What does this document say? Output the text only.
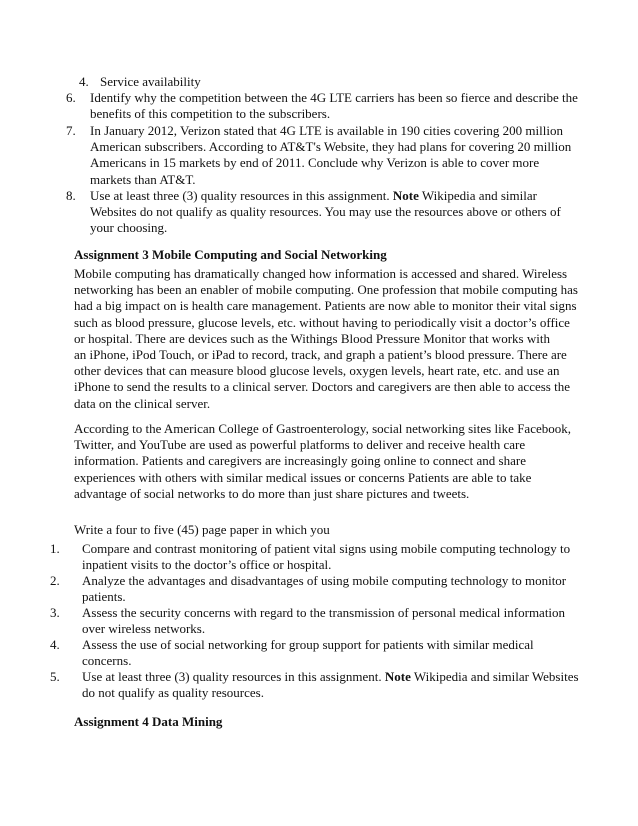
4. Service availability
6. Identify why the competition between the 4G LTE carriers has been so fierce and describe the
benefits of this competition to the subscribers.
7. In January 2012, Verizon stated that 4G LTE is available in 190 cities covering 200 million
American subscribers. According to AT&T's Website, they had plans for covering 20 million
Americans in 15 markets by end of 2011. Conclude why Verizon is able to cover more
markets than AT&T.
8. Use at least three (3) quality resources in this assignment. Note Wikipedia and similar
Websites do not qualify as quality resources. You may use the resources above or others of
your choosing.
Assignment 3 Mobile Computing and Social Networking
Mobile computing has dramatically changed how information is accessed and shared. Wireless
networking has been an enabler of mobile computing. One profession that mobile computing has
had a big impact on is health care management. Patients are now able to monitor their vital signs
such as blood pressure, glucose levels, etc. without having to periodically visit a doctor’s office
or hospital. There are devices such as the Withings Blood Pressure Monitor that works with
an iPhone, iPod Touch, or iPad to record, track, and graph a patient’s blood pressure. There are
other devices that can measure blood glucose levels, oxygen levels, heart rate, etc. and use an
iPhone to send the results to a clinical server. Doctors and caregivers are then able to access the
data on the clinical server.
According to the American College of Gastroenterology, social networking sites like Facebook,
Twitter, and YouTube are used as powerful platforms to deliver and receive health care
information. Patients and caregivers are increasingly going online to connect and share
experiences with others with similar medical issues or concerns Patients are able to take
advantage of social networks to do more than just share pictures and tweets.
Write a four to five (45) page paper in which you
1. Compare and contrast monitoring of patient vital signs using mobile computing technology to
inpatient visits to the doctor’s office or hospital.
2. Analyze the advantages and disadvantages of using mobile computing technology to monitor
patients.
3. Assess the security concerns with regard to the transmission of personal medical information
over wireless networks.
4. Assess the use of social networking for group support for patients with similar medical
concerns.
5. Use at least three (3) quality resources in this assignment. Note Wikipedia and similar Websites
do not qualify as quality resources.
Assignment 4 Data Mining
